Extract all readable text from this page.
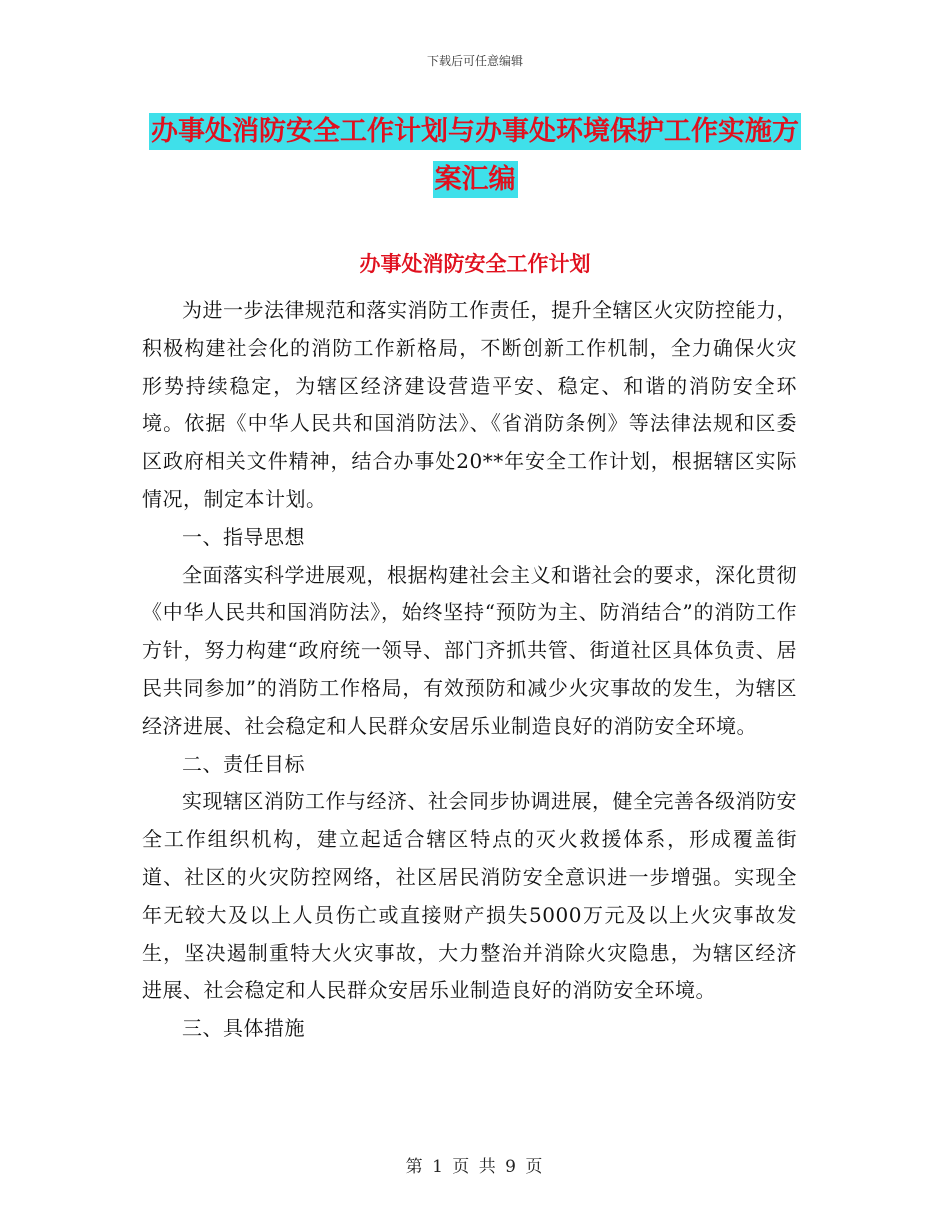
下载后可任意编辑
办事处消防安全工作计划与办事处环境保护工作实施方案汇编
办事处消防安全工作计划

为进一步法律规范和落实消防工作责任，提升全辖区火灾防控能力，积极构建社会化的消防工作新格局，不断创新工作机制，全力确保火灾形势持续稳定，为辖区经济建设营造平安、稳定、和谐的消防安全环境。依据《中华人民共和国消防法》、《省消防条例》等法律法规和区委区政府相关文件精神，结合办事处20**年安全工作计划，根据辖区实际情况，制定本计划。

一、指导思想

全面落实科学进展观，根据构建社会主义和谐社会的要求，深化贯彻《中华人民共和国消防法》，始终坚持“预防为主、防消结合”的消防工作方针，努力构建“政府统一领导、部门齐抓共管、街道社区具体负责、居民共同参加”的消防工作格局，有效预防和减少火灾事故的发生，为辖区经济进展、社会稳定和人民群众安居乐业制造良好的消防安全环境。

二、责任目标

实现辖区消防工作与经济、社会同步协调进展，健全完善各级消防安全工作组织机构，建立起适合辖区特点的灭火救援体系，形成覆盖街道、社区的火灾防控网络，社区居民消防安全意识进一步增强。实现全年无较大及以上人员伤亡或直接财产损失5000万元及以上火灾事故发生，坚决遏制重特大火灾事故，大力整治并消除火灾隐患，为辖区经济进展、社会稳定和人民群众安居乐业制造良好的消防安全环境。

三、具体措施

第 1 页 共 9 页
